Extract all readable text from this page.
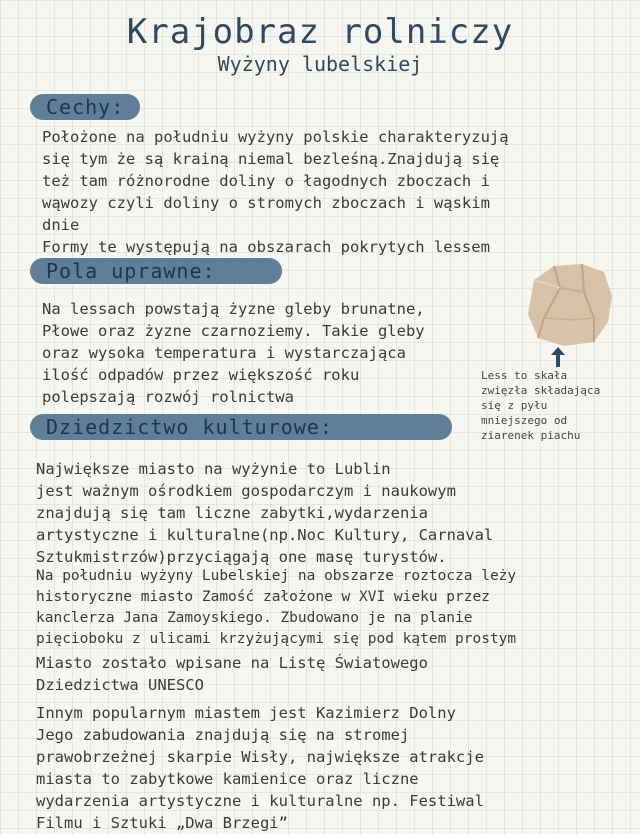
Krajobraz rolniczy
Wyżyny lubelskiej
Cechy:
Położone na południu wyżyny polskie charakteryzują
się tym że są krainą niemal bezleśną.Znajdują się
też tam różnorodne doliny o łagodnych zboczach i
wąwozy czyli doliny o stromych zboczach i wąskim
dnie
Formy te występują na obszarach pokrytych lessem
Pola uprawne:
Na lessach powstają żyzne gleby brunatne,
Płowe oraz żyzne czarnoziemy. Takie gleby
oraz wysoka temperatura i wystarczająca
ilość odpadów przez większość roku
polepszają rozwój rolnictwa
Less to skała
zwięzła składająca
się z pyłu
mniejszego od
ziarenek piachu
Dziedzictwo kulturowe:
Największe miasto na wyżynie to Lublin
jest ważnym ośrodkiem gospodarczym i naukowym
znajdują się tam liczne zabytki,wydarzenia
artystyczne i kulturalne(np.Noc Kultury, Carnaval
Sztukmistrzów)przyciągają one masę turystów.
Na południu wyżyny Lubelskiej na obszarze roztocza leży
historyczne miasto Zamość założone w XVI wieku przez
kanclerza Jana Zamoyskiego. Zbudowano je na planie
pięcioboku z ulicami krzyżującymi się pod kątem prostym
Miasto zostało wpisane na Listę Światowego
Dziedzictwa UNESCO
Innym popularnym miastem jest Kazimierz Dolny
Jego zabudowania znajdują się na stromej
prawobrzeżnej skarpie Wisły, największe atrakcje
miasta to zabytkowe kamienice oraz liczne
wydarzenia artystyczne i kulturalne np. Festiwal
Filmu i Sztuki „Dwa Brzegi”
